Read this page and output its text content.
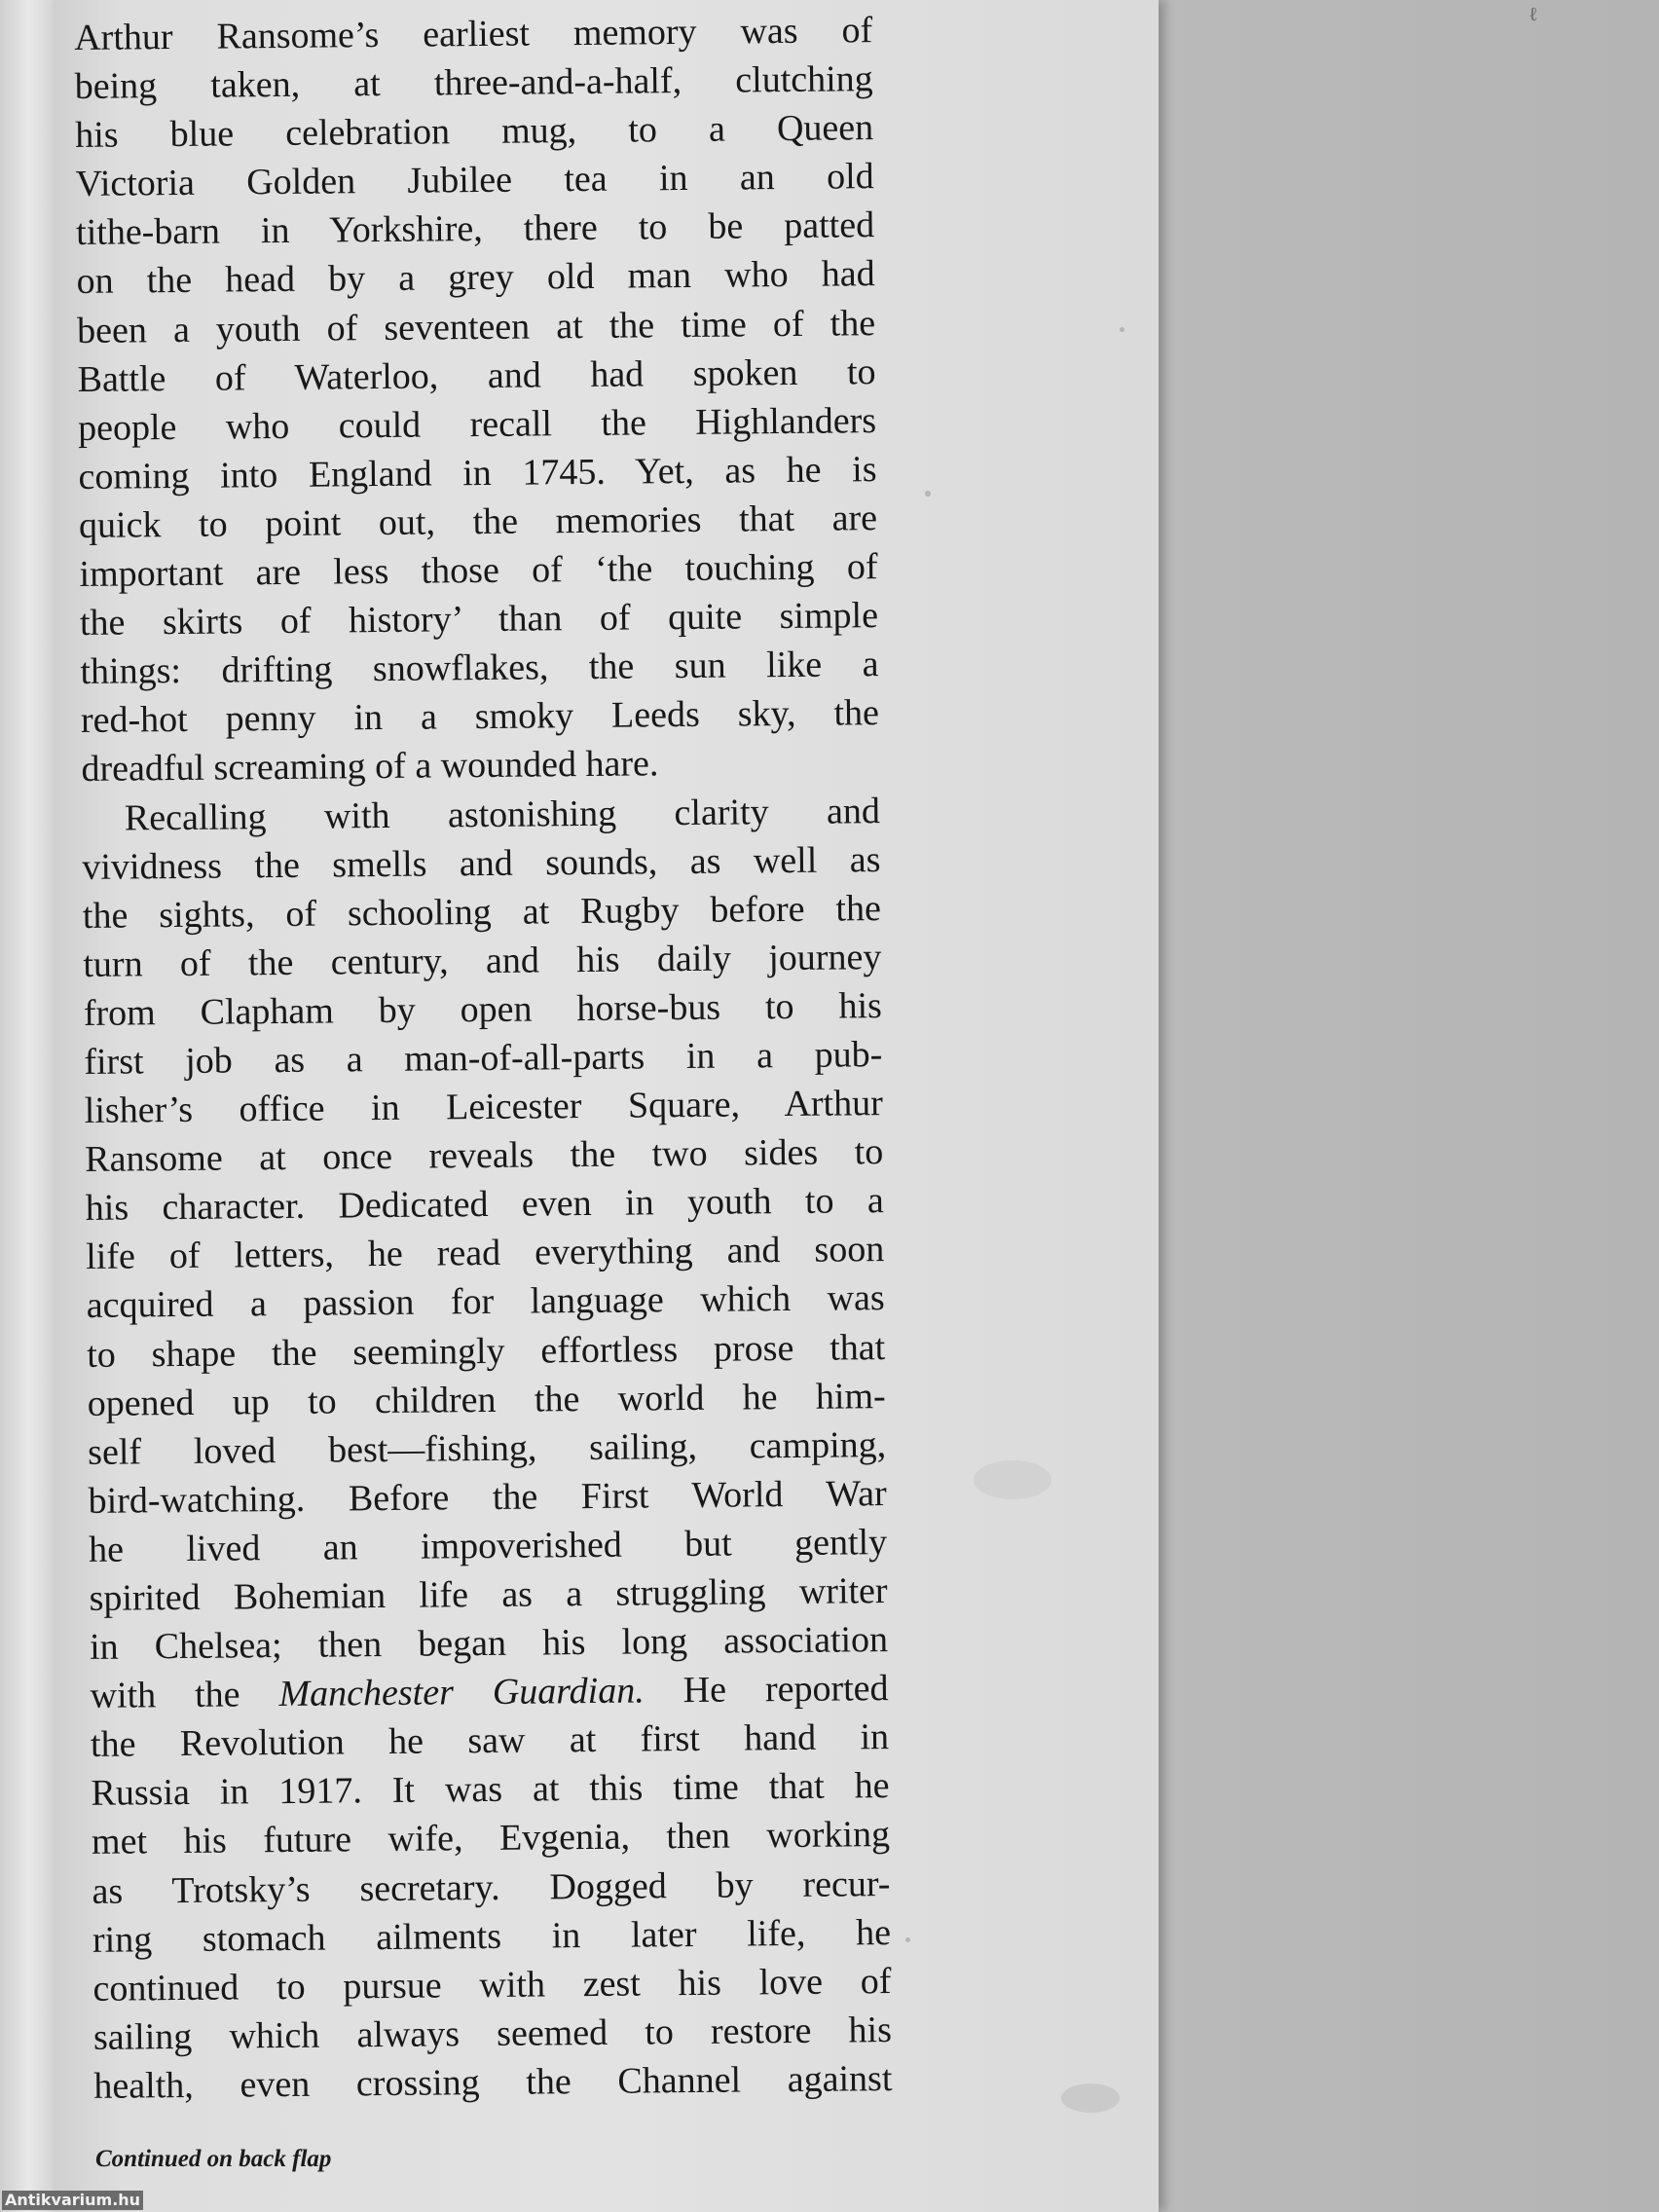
Arthur Ransome’s earliest memory was of
being taken, at three-and-a-half, clutching
his blue celebration mug, to a Queen
Victoria Golden Jubilee tea in an old
tithe-barn in Yorkshire, there to be patted
on the head by a grey old man who had
been a youth of seventeen at the time of the
Battle of Waterloo, and had spoken to
people who could recall the Highlanders
coming into England in 1745. Yet, as he is
quick to point out, the memories that are
important are less those of ‘the touching of
the skirts of history’ than of quite simple
things: drifting snowflakes, the sun like a
red-hot penny in a smoky Leeds sky, the
dreadful screaming of a wounded hare.
Recalling with astonishing clarity and
vividness the smells and sounds, as well as
the sights, of schooling at Rugby before the
turn of the century, and his daily journey
from Clapham by open horse-bus to his
first job as a man-of-all-parts in a pub-
lisher’s office in Leicester Square, Arthur
Ransome at once reveals the two sides to
his character. Dedicated even in youth to a
life of letters, he read everything and soon
acquired a passion for language which was
to shape the seemingly effortless prose that
opened up to children the world he him-
self loved best—fishing, sailing, camping,
bird-watching. Before the First World War
he lived an impoverished but gently
spirited Bohemian life as a struggling writer
in Chelsea; then began his long association
with the Manchester Guardian. He reported
the Revolution he saw at first hand in
Russia in 1917. It was at this time that he
met his future wife, Evgenia, then working
as Trotsky’s secretary. Dogged by recur-
ring stomach ailments in later life, he
continued to pursue with zest his love of
sailing which always seemed to restore his
health, even crossing the Channel against
Continued on back flap
Antikvarium.hu
ℓ
